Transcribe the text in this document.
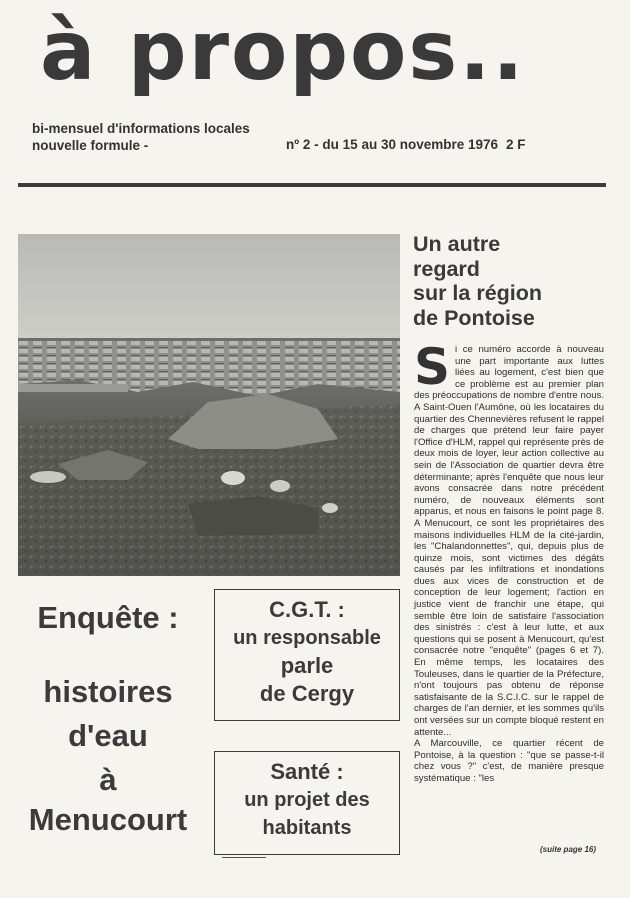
à propos..
bi-mensuel d'informations locales
nouvelle formule -	nº 2 - du 15 au 30 novembre 1976 2 F
Un autre
regard
sur la région
de Pontoise
S i ce numéro accorde à nouveau une part importante aux luttes liées au logement, c'est bien que ce problème est au premier plan des préoccupations de nombre d'entre nous. A Saint-Ouen l'Aumône, où les locataires du quartier des Chennevières refusent le rappel de charges que prétend leur faire payer l'Office d'HLM, rappel qui représente près de deux mois de loyer, leur action collective au sein de l'Association de quartier devra être déterminante; après l'enquête que nous leur avons consacrée dans notre précédent numéro, de nouveaux éléments sont apparus, et nous en faisons le point page 8. A Menucourt, ce sont les propriétaires des maisons individuelles HLM de la cité-jardin, les "Chalandonnettes", qui, depuis plus de quinze mois, sont victimes des dégâts causés par les infiltrations et inondations dues aux vices de construction et de conception de leur logement; l'action en justice vient de franchir une étape, qui semble être loin de satisfaire l'association des sinistrés : c'est à leur lutte, et aux questions qui se posent à Menucourt, qu'est consacrée notre "enquête" (pages 6 et 7). En même temps, les locataires des Touleuses, dans le quartier de la Préfecture, n'ont toujours pas obtenu de réponse satisfaisante de la S.C.I.C. sur le rappel de charges de l'an dernier, et les sommes qu'ils ont versées sur un compte bloqué restent en attente...

A Marcouville, ce quartier récent de Pontoise, à la question : "que se passe-t-il chez vous ?" c'est, de manière presque systématique : "les

(suite page 16)
Enquête :
histoires
d'eau
à
Menucourt
C.G.T. :
un responsable
parle
de Cergy
Santé :
un projet des
habitants
